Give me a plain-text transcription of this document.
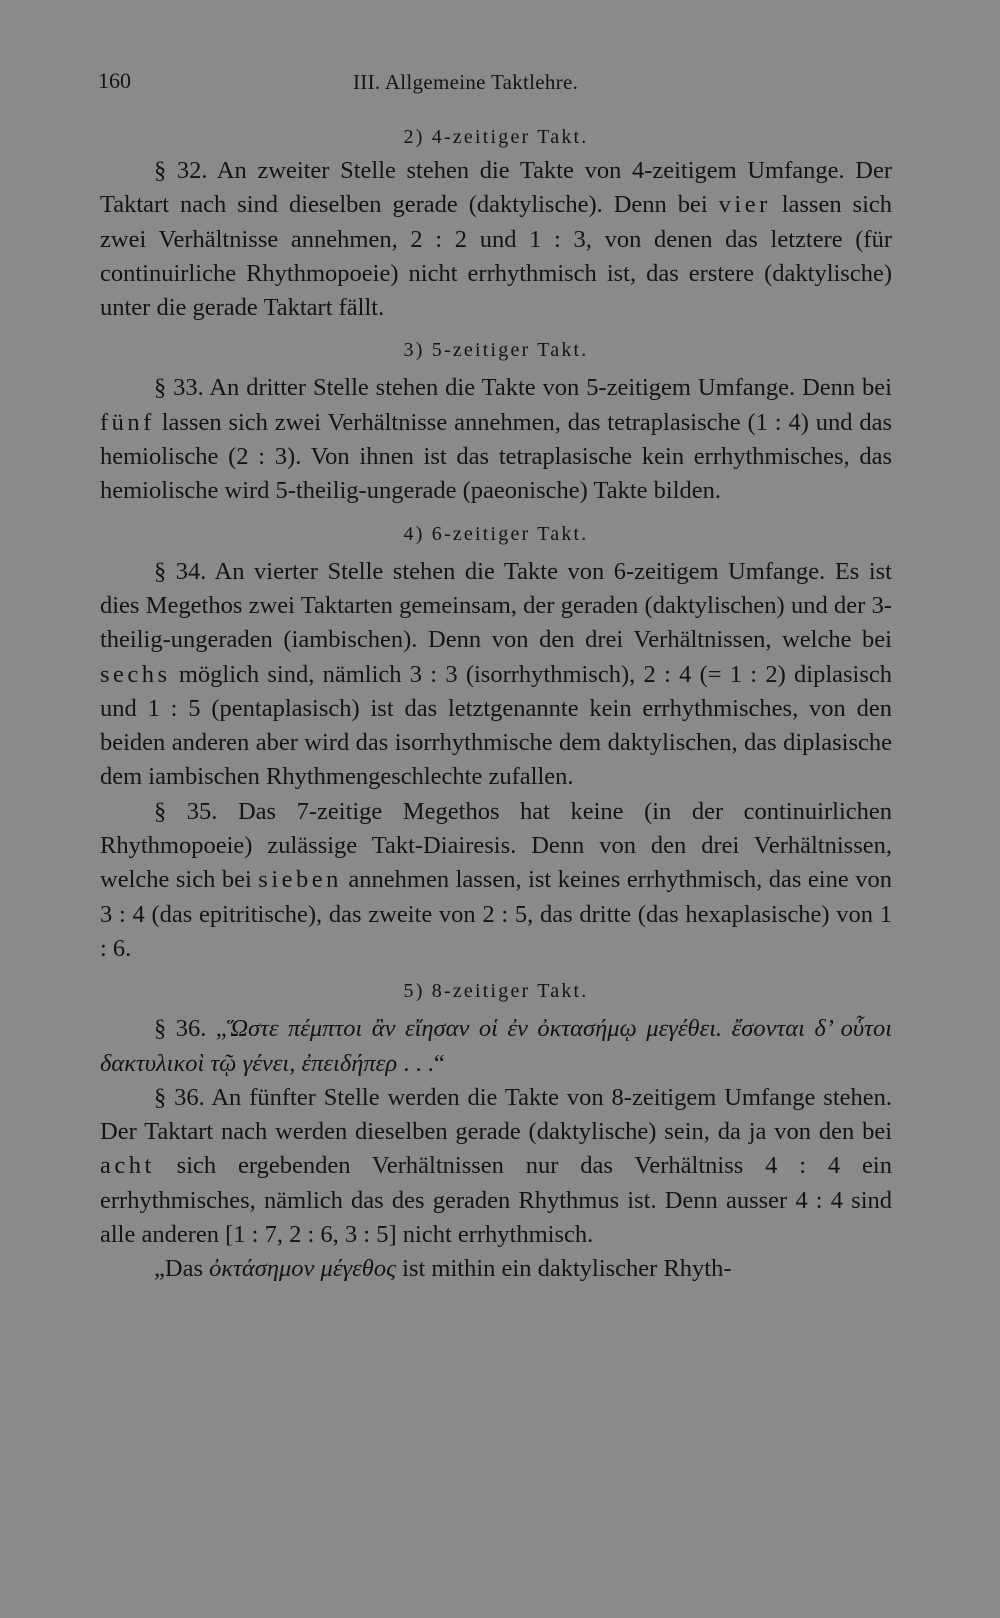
160	III. Allgemeine Taktlehre.
2) 4-zeitiger Takt.

§ 32. An zweiter Stelle stehen die Takte von 4-zeitigem Umfange. Der Taktart nach sind dieselben gerade (daktylische). Denn bei vier lassen sich zwei Verhältnisse annehmen, 2 : 2 und 1 : 3, von denen das letztere (für continuirliche Rhythmopoeie) nicht errhythmisch ist, das erstere (daktylische) unter die gerade Taktart fällt.

3) 5-zeitiger Takt.

§ 33. An dritter Stelle stehen die Takte von 5-zeitigem Umfange. Denn bei fünf lassen sich zwei Verhältnisse annehmen, das tetraplasische (1 : 4) und das hemiolische (2 : 3). Von ihnen ist das tetraplasische kein errhythmisches, das hemiolische wird 5-theilig-ungerade (paeonische) Takte bilden.

4) 6-zeitiger Takt.

§ 34. An vierter Stelle stehen die Takte von 6-zeitigem Umfange. Es ist dies Megethos zwei Taktarten gemeinsam, der geraden (daktylischen) und der 3-theilig-ungeraden (iambischen). Denn von den drei Verhältnissen, welche bei sechs möglich sind, nämlich 3 : 3 (isorrhythmisch), 2 : 4 (= 1 : 2) diplasisch und 1 : 5 (pentaplasisch) ist das letztgenannte kein errhythmisches, von den beiden anderen aber wird das isorrhythmische dem daktylischen, das diplasische dem iambischen Rhythmengeschlechte zufallen.

§ 35. Das 7-zeitige Megethos hat keine (in der continuirlichen Rhythmopoeie) zulässige Takt-Diairesis. Denn von den drei Verhältnissen, welche sich bei sieben annehmen lassen, ist keines errhythmisch, das eine von 3 : 4 (das epitritische), das zweite von 2 : 5, das dritte (das hexaplasische) von 1 : 6.

5) 8-zeitiger Takt.

§ 36. „Ὥστε πέμπτοι ἂν εἴησαν οἱ ἐν ὀκτασήμῳ μεγέθει. ἔσονται δ’ οὗτοι δακτυλικοὶ τῷ γένει, ἐπειδήπερ . . .“

§ 36. An fünfter Stelle werden die Takte von 8-zeitigem Umfange stehen. Der Taktart nach werden dieselben gerade (daktylische) sein, da ja von den bei acht sich ergebenden Verhältnissen nur das Verhältniss 4 : 4 ein errhythmisches, nämlich das des geraden Rhythmus ist. Denn ausser 4 : 4 sind alle anderen [1 : 7, 2 : 6, 3 : 5] nicht errhythmisch.

„Das ὀκτάσημον μέγεθος ist mithin ein daktylischer Rhyth-
